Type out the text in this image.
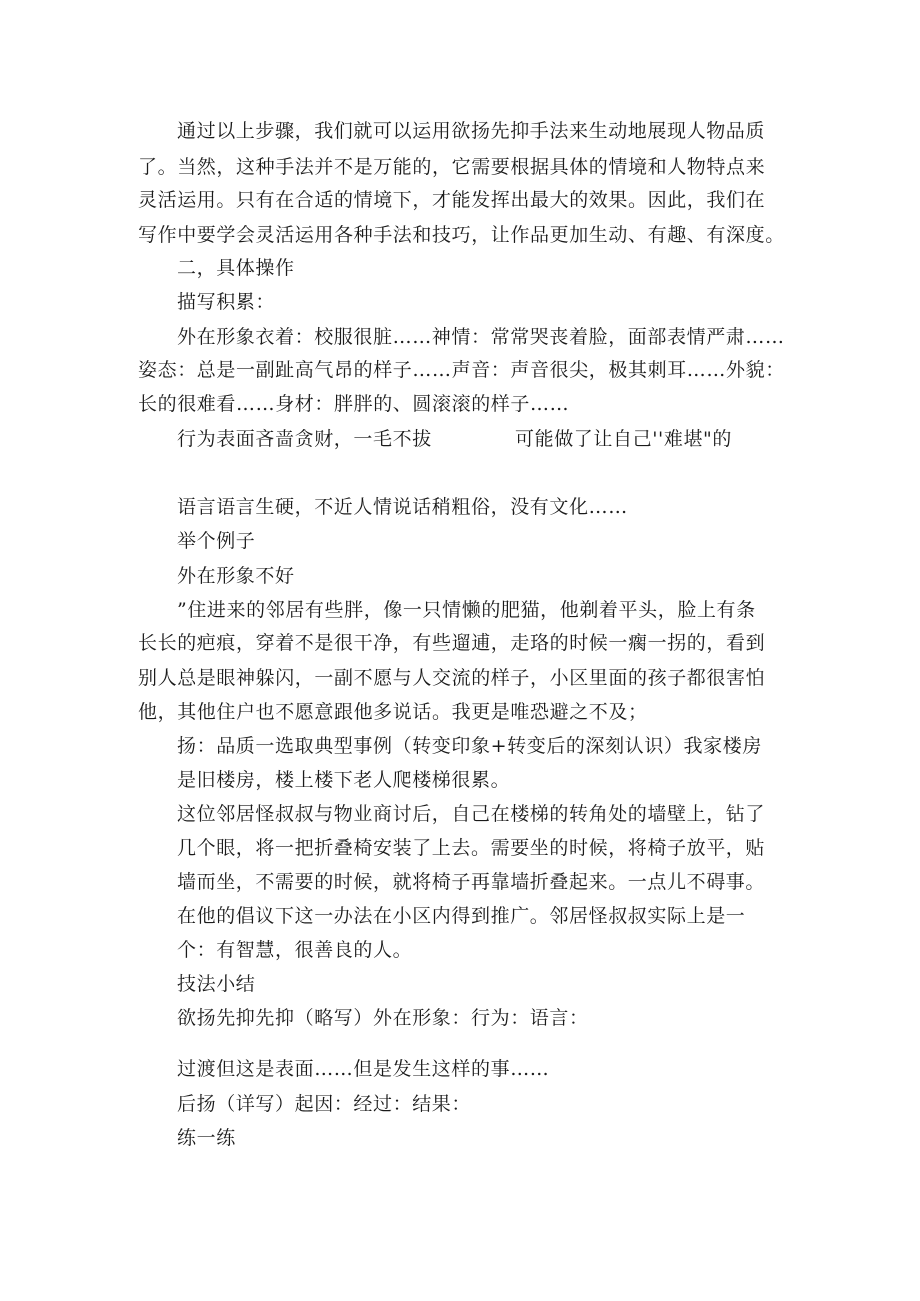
通过以上步骤，我们就可以运用欲扬先抑手法来生动地展现人物品质
了。当然，这种手法并不是万能的，它需要根据具体的情境和人物特点来
灵活运用。只有在合适的情境下，才能发挥出最大的效果。因此，我们在
写作中要学会灵活运用各种手法和技巧，让作品更加生动、有趣、有深度。
二，具体操作
描写积累：
外在形象衣着：校服很脏……神情：常常哭丧着脸，面部表情严肃……
姿态：总是一副趾高气昂的样子……声音：声音很尖，极其刺耳……外貌：
长的很难看……身材：胖胖的、圆滚滚的样子……
行为表面吝啬贪财，一毛不拔	可能做了让自己''难堪"的
语言语言生硬，不近人情说话稍粗俗，没有文化……
举个例子
外在形象不好
”住进来的邻居有些胖，像一只情懒的肥猫，他剃着平头，脸上有条
长长的疤痕，穿着不是很干净，有些遛逋，走珞的时候一瘸一拐的，看到
别人总是眼神躲闪，一副不愿与人交流的样子，小区里面的孩子都很害怕
他，其他住户也不愿意跟他多说话。我更是唯恐避之不及；
扬：品质一选取典型事例（转变印象+转变后的深刻认识）我家楼房
是旧楼房，楼上楼下老人爬楼梯很累。
这位邻居怪叔叔与物业商讨后，自己在楼梯的转角处的墙壁上，钻了
几个眼，将一把折叠椅安装了上去。需要坐的时候，将椅子放平，贴
墙而坐，不需要的时候，就将椅子再靠墙折叠起来。一点儿不碍事。
在他的倡议下这一办法在小区内得到推广。邻居怪叔叔实际上是一
个：有智慧，很善良的人。
技法小结
欲扬先抑先抑（略写）外在形象：行为：语言：
过渡但这是表面……但是发生这样的事……
后扬（详写）起因：经过：结果：
练一练
